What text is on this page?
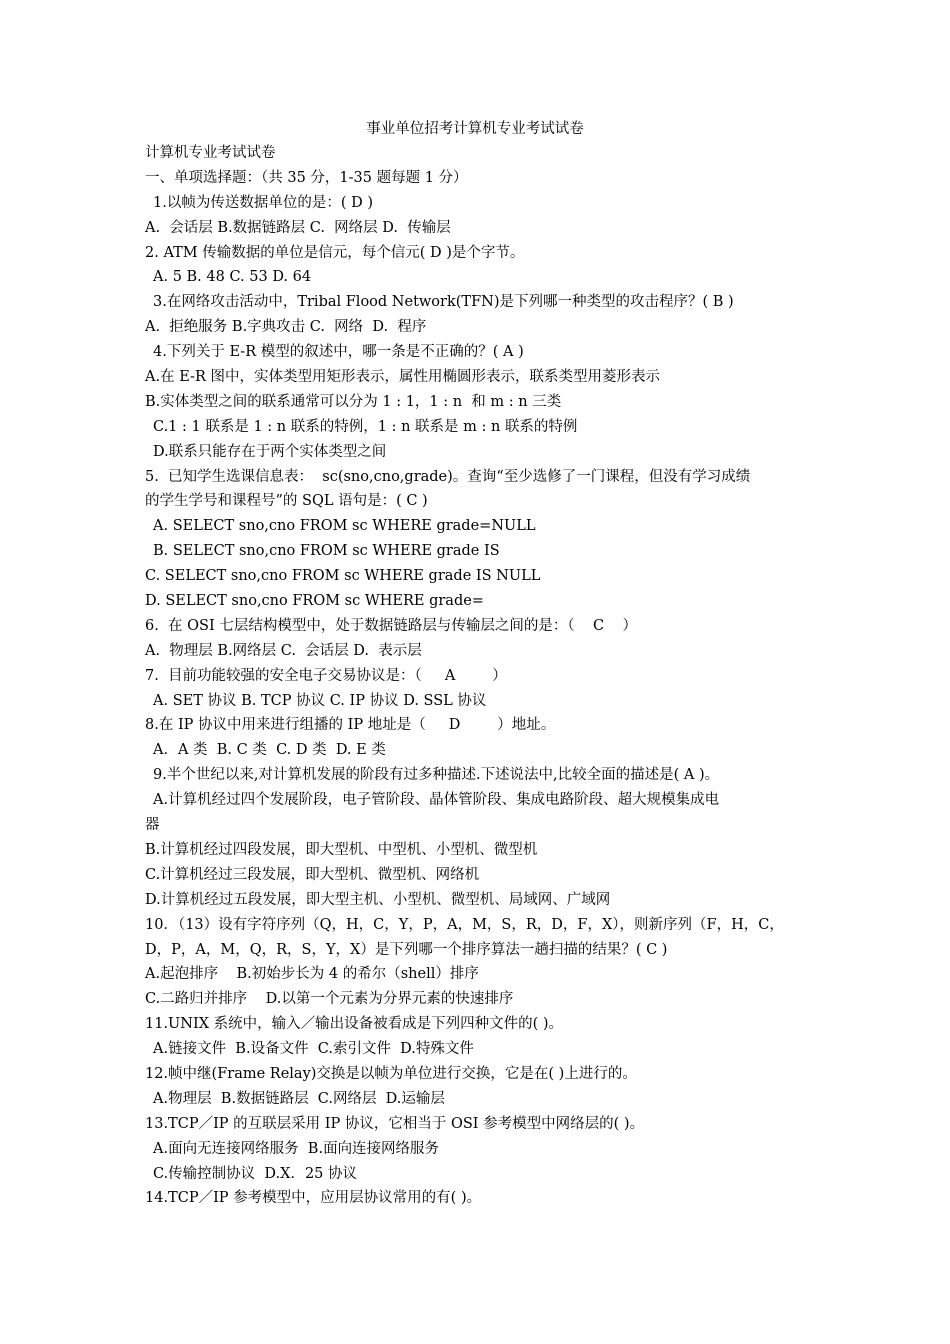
事业单位招考计算机专业考试试卷
计算机专业考试试卷
一、单项选择题：（共 35 分，1-35 题每题 1 分）
1.以帧为传送数据单位的是：( D )
A.  会话层 B.数据链路层 C.  网络层 D.  传输层
2. ATM 传输数据的单位是信元，每个信元( D )是个字节。
A. 5 B. 48 C. 53 D. 64
3.在网络攻击活动中，Tribal Flood Network(TFN)是下列哪一种类型的攻击程序？( B )
A.  拒绝服务 B.字典攻击 C.  网络  D.  程序
4.下列关于 E-R 模型的叙述中，哪一条是不正确的？( A )
A.在 E-R 图中，实体类型用矩形表示，属性用椭圆形表示，联系类型用菱形表示
B.实体类型之间的联系通常可以分为 1 : 1，1 : n  和 m : n 三类
C.1 : 1 联系是 1 : n 联系的特例，1 : n 联系是 m : n 联系的特例
D.联系只能存在于两个实体类型之间
5.  已知学生选课信息表：  sc(sno,cno,grade)。查询“至少选修了一门课程，但没有学习成绩
的学生学号和课程号”的 SQL 语句是：( C )
A. SELECT sno,cno FROM sc WHERE grade=NULL
B. SELECT sno,cno FROM sc WHERE grade IS
C. SELECT sno,cno FROM sc WHERE grade IS NULL
D. SELECT sno,cno FROM sc WHERE grade=
6.  在 OSI 七层结构模型中，处于数据链路层与传输层之间的是：（    C    ）
A.  物理层 B.网络层 C.  会话层 D.  表示层
7.  目前功能较强的安全电子交易协议是：（     A        ）
A. SET 协议 B. TCP 协议 C. IP 协议 D. SSL 协议
8.在 IP 协议中用来进行组播的 IP 地址是（     D        ）地址。
A．A 类  B. C 类  C. D 类  D. E 类
9.半个世纪以来,对计算机发展的阶段有过多种描述.下述说法中,比较全面的描述是( A )。
A.计算机经过四个发展阶段，电子管阶段、晶体管阶段、集成电路阶段、超大规模集成电
器
B.计算机经过四段发展，即大型机、中型机、小型机、微型机
C.计算机经过三段发展，即大型机、微型机、网络机
D.计算机经过五段发展，即大型主机、小型机、微型机、局域网、广域网
10．（13）设有字符序列（Q，H，C，Y，P，A，M，S，R，D，F，X），则新序列（F，H，C，
D，P，A，M，Q，R，S，Y，X）是下列哪一个排序算法一趟扫描的结果？( C )
A.起泡排序    B.初始步长为 4 的希尔（shell）排序
C.二路归并排序    D.以第一个元素为分界元素的快速排序
11.UNIX 系统中，输入／输出设备被看成是下列四种文件的( )。
A.链接文件  B.设备文件  C.索引文件  D.特殊文件
12.帧中继(Frame Relay)交换是以帧为单位进行交换，它是在( )上进行的。
A.物理层  B.数据链路层  C.网络层  D.运输层
13.TCP／IP 的互联层采用 IP 协议，它相当于 OSI 参考模型中网络层的( )。
A.面向无连接网络服务  B.面向连接网络服务
C.传输控制协议  D.X．25 协议
14.TCP／IP 参考模型中，应用层协议常用的有( )。
